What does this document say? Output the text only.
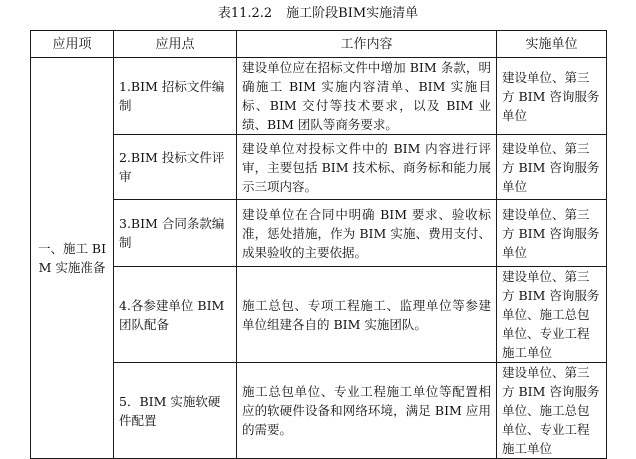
表11.2.2 施工阶段BIM实施清单
应用项	应用点	工作内容	实施单位
一、施工 BIM 实施准备	1.BIM 招标文件编制	建设单位应在招标文件中增加 BIM 条款，明确施工 BIM 实施内容清单、BIM 实施目标、BIM 交付等技术要求，以及 BIM 业绩、BIM 团队等商务要求。	建设单位、第三方 BIM 咨询服务单位
	2.BIM 投标文件评审	建设单位对投标文件中的 BIM 内容进行评审，主要包括 BIM 技术标、商务标和能力展示三项内容。	建设单位、第三方 BIM 咨询服务单位
	3.BIM 合同条款编制	建设单位在合同中明确 BIM 要求、验收标准，惩处措施，作为 BIM 实施、费用支付、成果验收的主要依据。	建设单位、第三方 BIM 咨询服务单位
	4.各参建单位 BIM 团队配备	施工总包、专项工程施工、监理单位等参建单位组建各自的 BIM 实施团队。	建设单位、第三方 BIM 咨询服务单位、施工总包单位、专业工程施工单位
	5．BIM 实施软硬件配置	施工总包单位、专业工程施工单位等配置相应的软硬件设备和网络环境，满足 BIM 应用的需要。	建设单位、第三方 BIM 咨询服务单位、施工总包单位、专业工程施工单位
